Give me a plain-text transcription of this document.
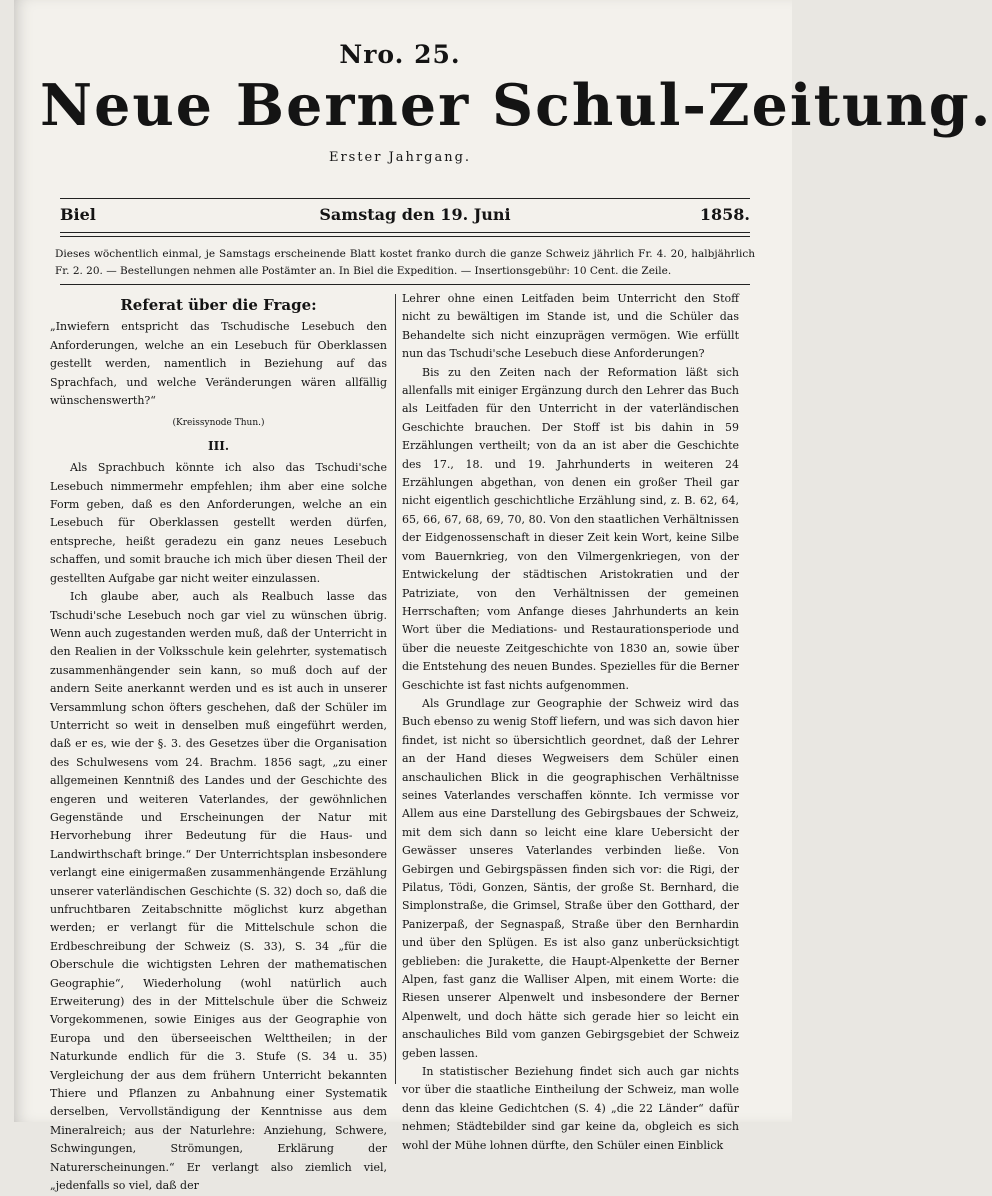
Nro. 25.
Neue Berner Schul-Zeitung.
Erster Jahrgang.
Biel	Samstag den 19. Juni	1858.
Dieses wöchentlich einmal, je Samstags erscheinende Blatt kostet franko durch die ganze Schweiz jährlich Fr. 4. 20, halbjährlich Fr. 2. 20. — Bestellungen nehmen alle Postämter an. In Biel die Expedition. — Insertionsgebühr: 10 Cent. die Zeile.

Referat über die Frage:

„Inwiefern entspricht das Tschudische Lesebuch den Anforderungen, welche an ein Lesebuch für Oberklassen gestellt werden, namentlich in Beziehung auf das Sprachfach, und welche Veränderungen wären allfällig wünschenswerth?“

(Kreissynode Thun.)

III.

Als Sprachbuch könnte ich also das Tschudi'sche Lesebuch nimmermehr empfehlen; ihm aber eine solche Form geben, daß es den Anforderungen, welche an ein Lesebuch für Oberklassen gestellt werden dürfen, entspreche, heißt geradezu ein ganz neues Lesebuch schaffen, und somit brauche ich mich über diesen Theil der gestellten Aufgabe gar nicht weiter einzulassen.

Ich glaube aber, auch als Realbuch lasse das Tschudi'sche Lesebuch noch gar viel zu wünschen übrig. Wenn auch zugestanden werden muß, daß der Unterricht in den Realien in der Volksschule kein gelehrter, systematisch zusammenhängender sein kann, so muß doch auf der andern Seite anerkannt werden und es ist auch in unserer Versammlung schon öfters geschehen, daß der Schüler im Unterricht so weit in denselben muß eingeführt werden, daß er es, wie der §. 3. des Gesetzes über die Organisation des Schulwesens vom 24. Brachm. 1856 sagt, „zu einer allgemeinen Kenntniß des Landes und der Geschichte des engeren und weiteren Vaterlandes, der gewöhnlichen Gegenstände und Erscheinungen der Natur mit Hervorhebung ihrer Bedeutung für die Haus- und Landwirthschaft bringe.“ Der Unterrichtsplan insbesondere verlangt eine einigermaßen zusammenhängende Erzählung unserer vaterländischen Geschichte (S. 32) doch so, daß die unfruchtbaren Zeitabschnitte möglichst kurz abgethan werden; er verlangt für die Mittelschule schon die Erdbeschreibung der Schweiz (S. 33), S. 34 „für die Oberschule die wichtigsten Lehren der mathematischen Geographie“, Wiederholung (wohl natürlich auch Erweiterung) des in der Mittelschule über die Schweiz Vorgekommenen, sowie Einiges aus der Geographie von Europa und den überseeischen Welttheilen; in der Naturkunde endlich für die 3. Stufe (S. 34 u. 35) Vergleichung der aus dem frühern Unterricht bekannten Thiere und Pflanzen zu Anbahnung einer Systematik derselben, Vervollständigung der Kenntnisse aus dem Mineralreich; aus der Naturlehre: Anziehung, Schwere, Schwingungen, Strömungen, Erklärung der Naturerscheinungen.“ Er verlangt also ziemlich viel, „jedenfalls so viel, daß der

Lehrer ohne einen Leitfaden beim Unterricht den Stoff nicht zu bewältigen im Stande ist, und die Schüler das Behandelte sich nicht einzuprägen vermögen. Wie erfüllt nun das Tschudi'sche Lesebuch diese Anforderungen?

Bis zu den Zeiten nach der Reformation läßt sich allenfalls mit einiger Ergänzung durch den Lehrer das Buch als Leitfaden für den Unterricht in der vaterländischen Geschichte brauchen. Der Stoff ist bis dahin in 59 Erzählungen vertheilt; von da an ist aber die Geschichte des 17., 18. und 19. Jahrhunderts in weiteren 24 Erzählungen abgethan, von denen ein großer Theil gar nicht eigentlich geschichtliche Erzählung sind, z. B. 62, 64, 65, 66, 67, 68, 69, 70, 80. Von den staatlichen Verhältnissen der Eidgenossenschaft in dieser Zeit kein Wort, keine Silbe vom Bauernkrieg, von den Vilmergenkriegen, von der Entwickelung der städtischen Aristokratien und der Patriziate, von den Verhältnissen der gemeinen Herrschaften; vom Anfange dieses Jahrhunderts an kein Wort über die Mediations- und Restaurationsperiode und über die neueste Zeitgeschichte von 1830 an, sowie über die Entstehung des neuen Bundes. Spezielles für die Berner Geschichte ist fast nichts aufgenommen.

Als Grundlage zur Geographie der Schweiz wird das Buch ebenso zu wenig Stoff liefern, und was sich davon hier findet, ist nicht so übersichtlich geordnet, daß der Lehrer an der Hand dieses Wegweisers dem Schüler einen anschaulichen Blick in die geographischen Verhältnisse seines Vaterlandes verschaffen könnte. Ich vermisse vor Allem aus eine Darstellung des Gebirgsbaues der Schweiz, mit dem sich dann so leicht eine klare Uebersicht der Gewässer unseres Vaterlandes verbinden ließe. Von Gebirgen und Gebirgspässen finden sich vor: die Rigi, der Pilatus, Tödi, Gonzen, Säntis, der große St. Bernhard, die Simplonstraße, die Grimsel, Straße über den Gotthard, der Panizerpaß, der Segnaspaß, Straße über den Bernhardin und über den Splügen. Es ist also ganz unberücksichtigt geblieben: die Jurakette, die Haupt-Alpenkette der Berner Alpen, fast ganz die Walliser Alpen, mit einem Worte: die Riesen unserer Alpenwelt und insbesondere der Berner Alpenwelt, und doch hätte sich gerade hier so leicht ein anschauliches Bild vom ganzen Gebirgsgebiet der Schweiz geben lassen.

In statistischer Beziehung findet sich auch gar nichts vor über die staatliche Eintheilung der Schweiz, man wolle denn das kleine Gedichtchen (S. 4) „die 22 Länder“ dafür nehmen; Städtebilder sind gar keine da, obgleich es sich wohl der Mühe lohnen dürfte, den Schüler einen Einblick
